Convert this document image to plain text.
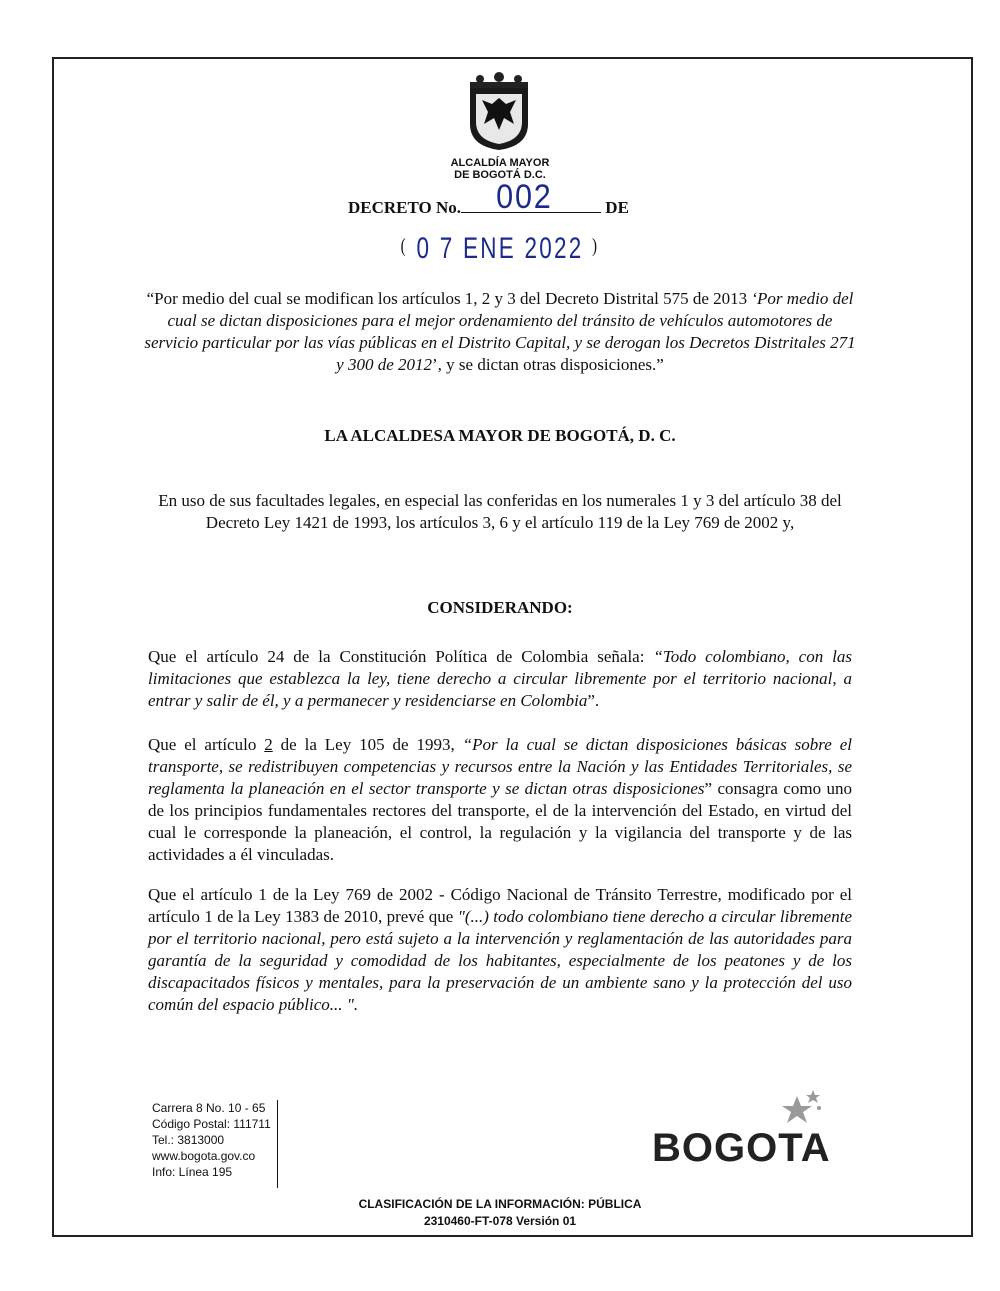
ALCALDÍA MAYOR
DE BOGOTÁ D.C.
DECRETO No. 002	DE
( 0 7 ENE 2022 )
“Por medio del cual se modifican los artículos 1, 2 y 3 del Decreto Distrital 575 de 2013 ‘Por medio del cual se dictan disposiciones para el mejor ordenamiento del tránsito de vehículos automotores de servicio particular por las vías públicas en el Distrito Capital, y se derogan los Decretos Distritales 271 y 300 de 2012’, y se dictan otras disposiciones.”
LA ALCALDESA MAYOR DE BOGOTÁ, D. C.
En uso de sus facultades legales, en especial las conferidas en los numerales 1 y 3 del artículo 38 del Decreto Ley 1421 de 1993, los artículos 3, 6 y el artículo 119 de la Ley 769 de 2002 y,
CONSIDERANDO:
Que el artículo 24 de la Constitución Política de Colombia señala: “Todo colombiano, con las limitaciones que establezca la ley, tiene derecho a circular libremente por el territorio nacional, a entrar y salir de él, y a permanecer y residenciarse en Colombia”.
Que el artículo 2 de la Ley 105 de 1993, “Por la cual se dictan disposiciones básicas sobre el transporte, se redistribuyen competencias y recursos entre la Nación y las Entidades Territoriales, se reglamenta la planeación en el sector transporte y se dictan otras disposiciones” consagra como uno de los principios fundamentales rectores del transporte, el de la intervención del Estado, en virtud del cual le corresponde la planeación, el control, la regulación y la vigilancia del transporte y de las actividades a él vinculadas.
Que el artículo 1 de la Ley 769 de 2002 - Código Nacional de Tránsito Terrestre, modificado por el artículo 1 de la Ley 1383 de 2010, prevé que "(...) todo colombiano tiene derecho a circular libremente por el territorio nacional, pero está sujeto a la intervención y reglamentación de las autoridades para garantía de la seguridad y comodidad de los habitantes, especialmente de los peatones y de los discapacitados físicos y mentales, para la preservación de un ambiente sano y la protección del uso común del espacio público... ".
Carrera 8 No. 10 - 65
Código Postal: 111711
Tel.: 3813000
www.bogota.gov.co
Info: Línea 195
BOGOTA
CLASIFICACIÓN DE LA INFORMACIÓN: PÚBLICA
2310460-FT-078 Versión 01
